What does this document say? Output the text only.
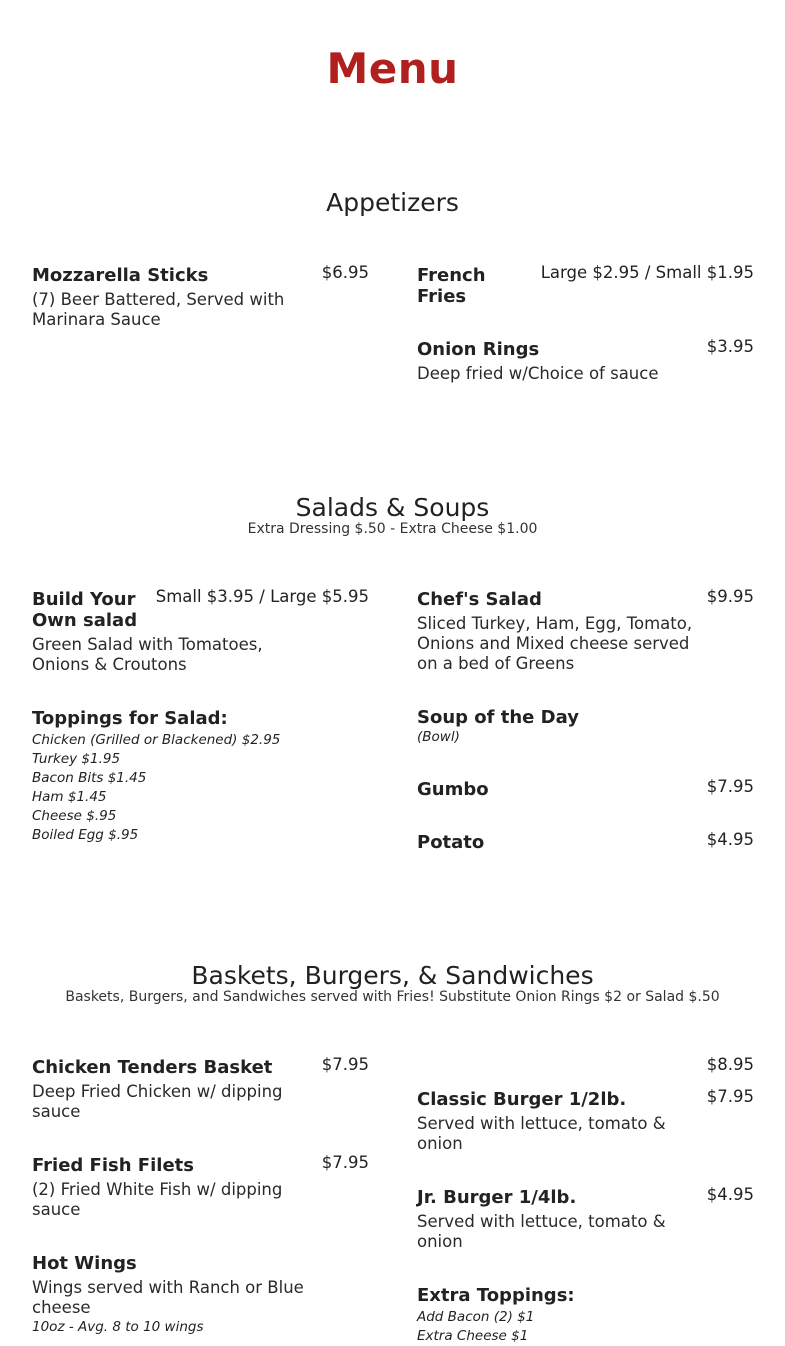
Menu
Appetizers
Mozzarella Sticks	$6.95
(7) Beer Battered, Served with Marinara Sauce
French Fries
Large $2.95 / Small $1.95
Onion Rings	$3.95
Deep fried w/Choice of sauce
Salads & Soups
Extra Dressing $.50 - Extra Cheese $1.00
Build Your Own salad
Small $3.95 / Large $5.95
Green Salad with Tomatoes, Onions & Croutons
Toppings for Salad:
Chicken (Grilled or Blackened) $2.95
Turkey $1.95
Bacon Bits $1.45
Ham $1.45
Cheese $.95
Boiled Egg $.95
Chef's Salad	$9.95
Sliced Turkey, Ham, Egg, Tomato, Onions and Mixed cheese served on a bed of Greens
Soup of the Day
(Bowl)
Gumbo	$7.95
Potato	$4.95
Baskets, Burgers, & Sandwiches
Baskets, Burgers, and Sandwiches served with Fries! Substitute Onion Rings $2 or Salad $.50
Chicken Tenders Basket	$7.95
Deep Fried Chicken w/ dipping sauce
Fried Fish Filets	$7.95
(2) Fried White Fish w/ dipping sauce
Hot Wings
Wings served with Ranch or Blue cheese
10oz - Avg. 8 to 10 wings
$8.95
Classic Burger 1/2lb.	$7.95
Served with lettuce, tomato & onion
Jr. Burger 1/4lb.	$4.95
Served with lettuce, tomato & onion
Extra Toppings:
Add Bacon (2) $1
Extra Cheese $1
